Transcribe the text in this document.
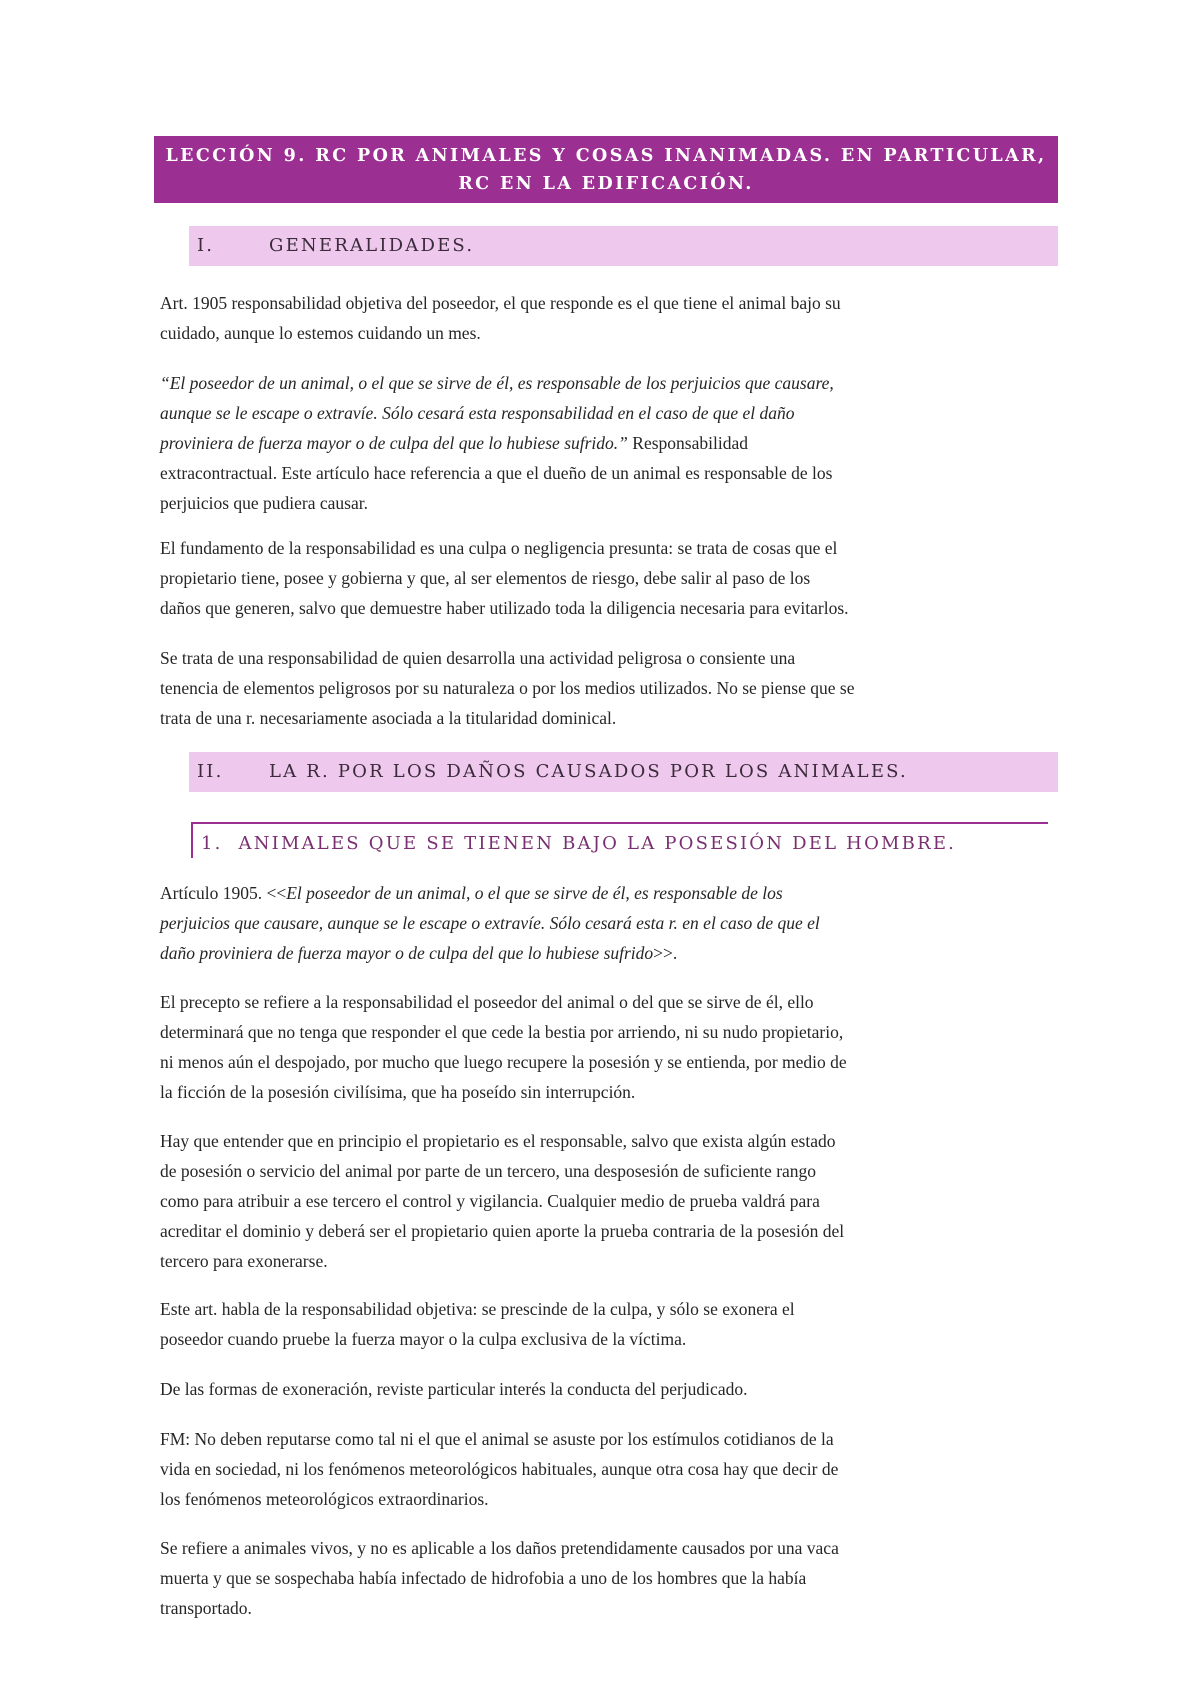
LECCIÓN 9. RC POR ANIMALES Y COSAS INANIMADAS. EN PARTICULAR,
RC EN LA EDIFICACIÓN.
I.	GENERALIDADES.
Art. 1905 responsabilidad objetiva del poseedor, el que responde es el que tiene el animal bajo su
cuidado, aunque lo estemos cuidando un mes.
“El poseedor de un animal, o el que se sirve de él, es responsable de los perjuicios que causare,
aunque se le escape o extravíe. Sólo cesará esta responsabilidad en el caso de que el daño
proviniera de fuerza mayor o de culpa del que lo hubiese sufrido.” Responsabilidad
extracontractual. Este artículo hace referencia a que el dueño de un animal es responsable de los
perjuicios que pudiera causar.
El fundamento de la responsabilidad es una culpa o negligencia presunta: se trata de cosas que el
propietario tiene, posee y gobierna y que, al ser elementos de riesgo, debe salir al paso de los
daños que generen, salvo que demuestre haber utilizado toda la diligencia necesaria para evitarlos.
Se trata de una responsabilidad de quien desarrolla una actividad peligrosa o consiente una
tenencia de elementos peligrosos por su naturaleza o por los medios utilizados. No se piense que se
trata de una r. necesariamente asociada a la titularidad dominical.
II.	LA R. POR LOS DAÑOS CAUSADOS POR LOS ANIMALES.
1. ANIMALES QUE SE TIENEN BAJO LA POSESIÓN DEL HOMBRE.
Artículo 1905. <<El poseedor de un animal, o el que se sirve de él, es responsable de los
perjuicios que causare, aunque se le escape o extravíe. Sólo cesará esta r. en el caso de que el
daño proviniera de fuerza mayor o de culpa del que lo hubiese sufrido>>.
El precepto se refiere a la responsabilidad el poseedor del animal o del que se sirve de él, ello
determinará que no tenga que responder el que cede la bestia por arriendo, ni su nudo propietario,
ni menos aún el despojado, por mucho que luego recupere la posesión y se entienda, por medio de
la ficción de la posesión civilísima, que ha poseído sin interrupción.
Hay que entender que en principio el propietario es el responsable, salvo que exista algún estado
de posesión o servicio del animal por parte de un tercero, una desposesión de suficiente rango
como para atribuir a ese tercero el control y vigilancia. Cualquier medio de prueba valdrá para
acreditar el dominio y deberá ser el propietario quien aporte la prueba contraria de la posesión del
tercero para exonerarse.
Este art. habla de la responsabilidad objetiva: se prescinde de la culpa, y sólo se exonera el
poseedor cuando pruebe la fuerza mayor o la culpa exclusiva de la víctima.
De las formas de exoneración, reviste particular interés la conducta del perjudicado.
FM: No deben reputarse como tal ni el que el animal se asuste por los estímulos cotidianos de la
vida en sociedad, ni los fenómenos meteorológicos habituales, aunque otra cosa hay que decir de
los fenómenos meteorológicos extraordinarios.
Se refiere a animales vivos, y no es aplicable a los daños pretendidamente causados por una vaca
muerta y que se sospechaba había infectado de hidrofobia a uno de los hombres que la había
transportado.
